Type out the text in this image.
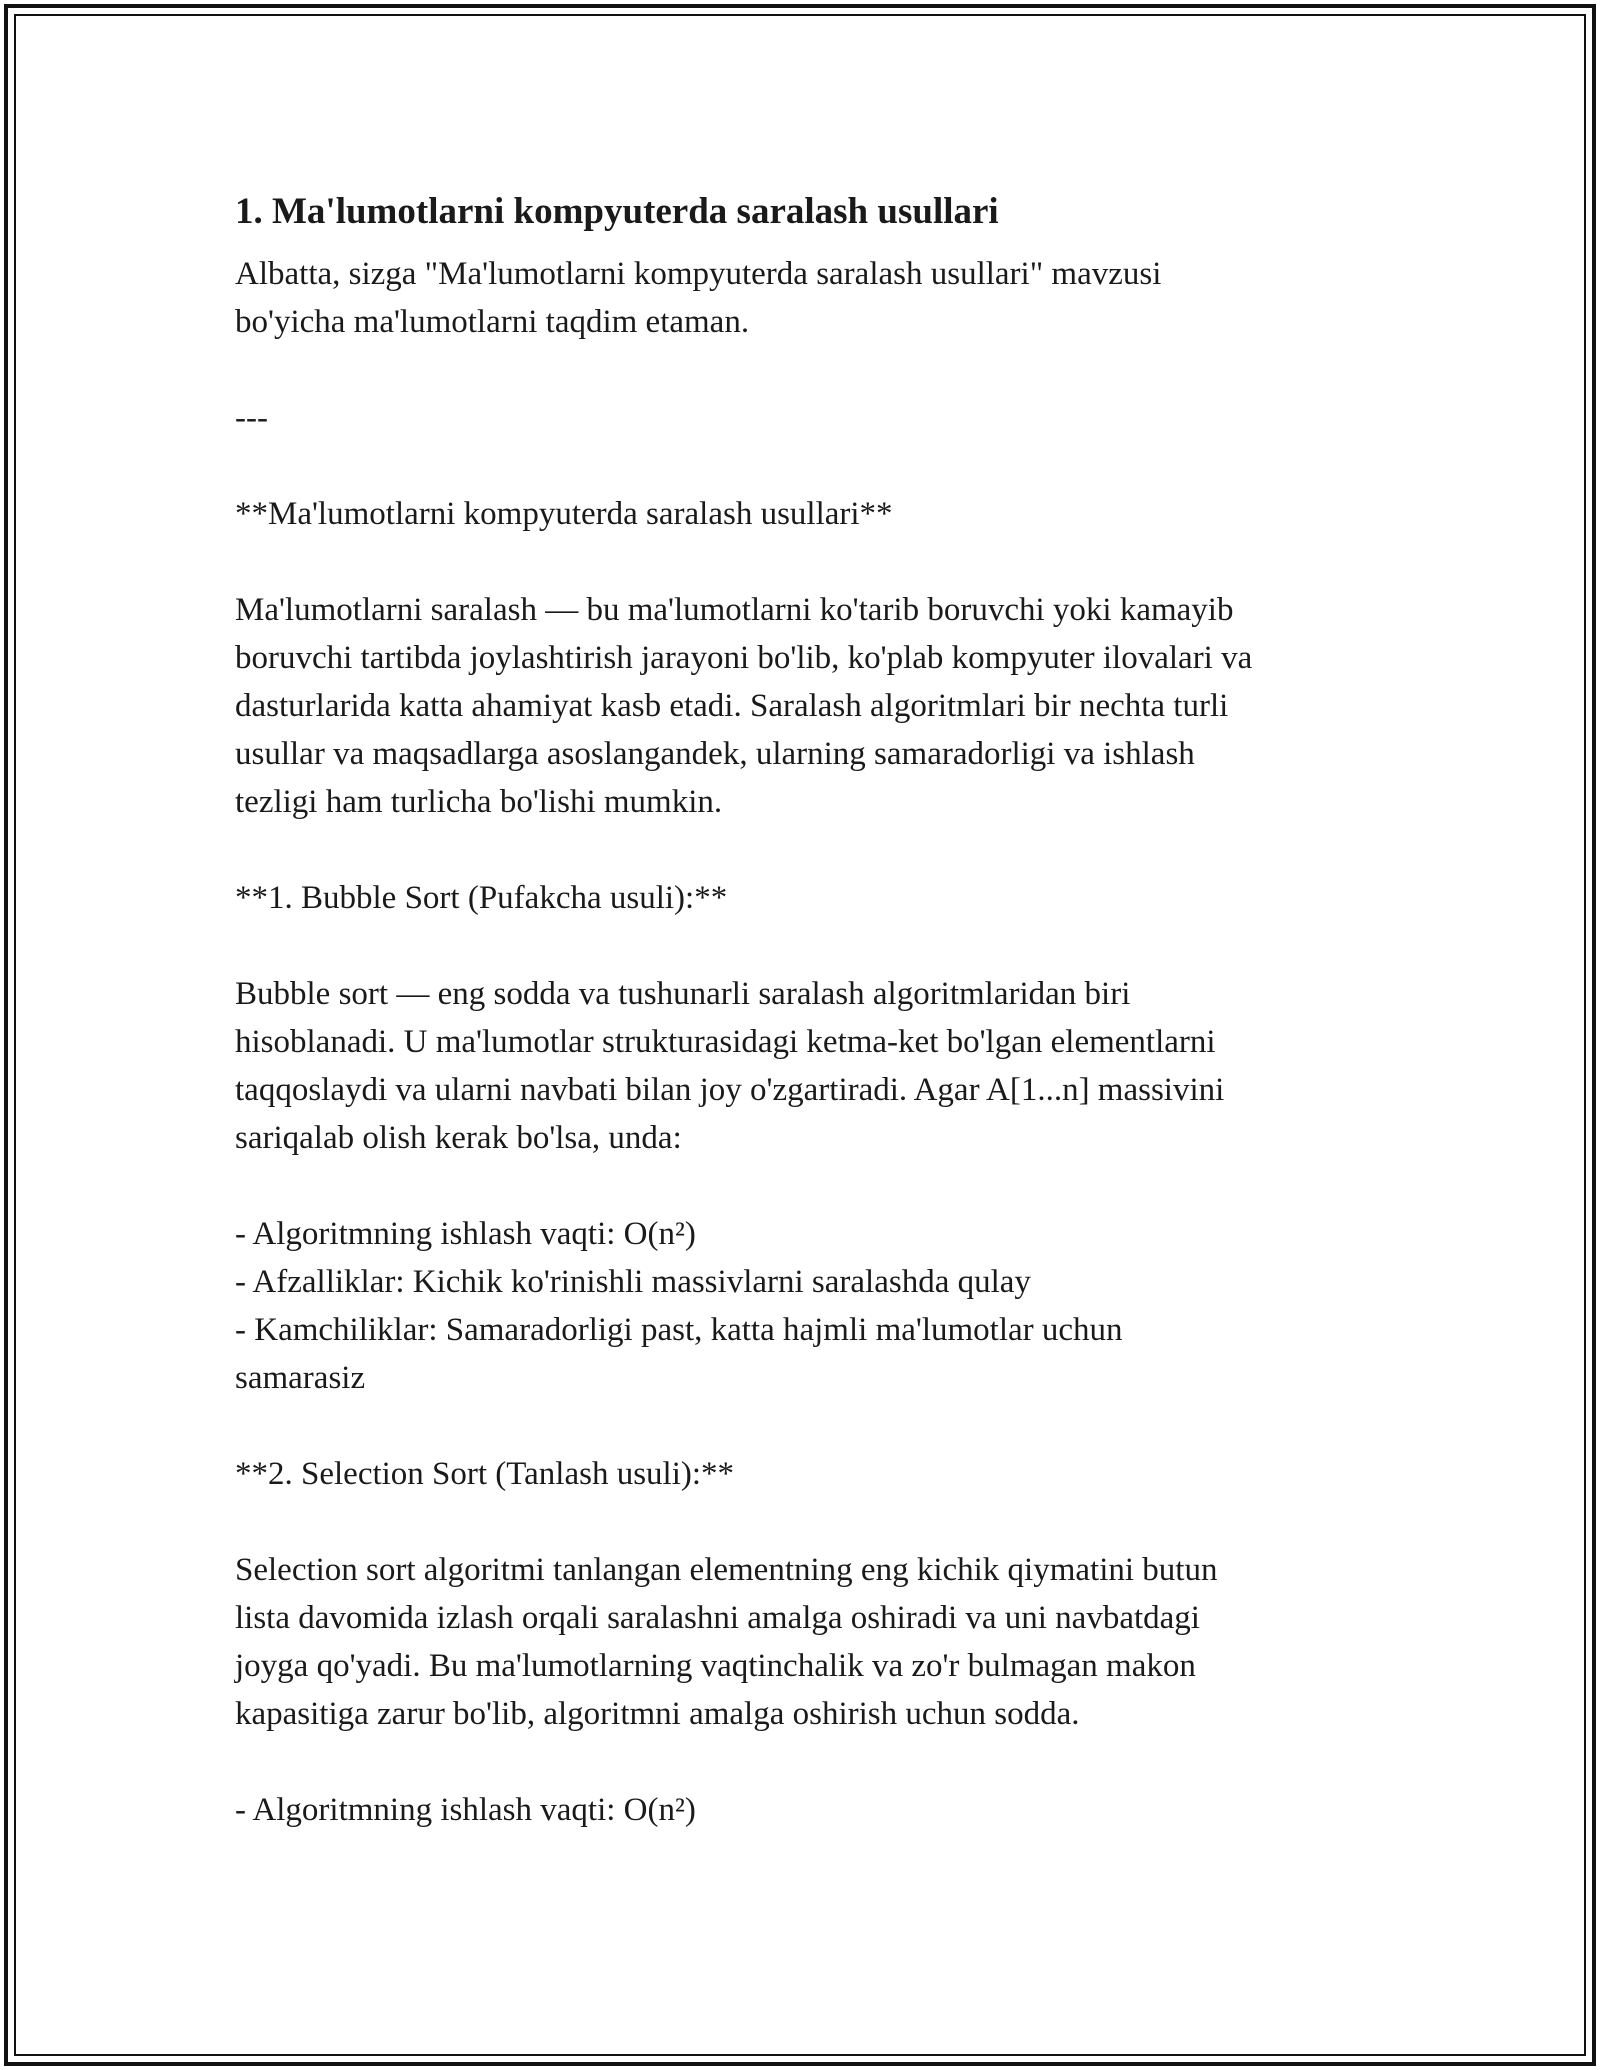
1. Ma'lumotlarni kompyuterda saralash usullari

Albatta, sizga "Ma'lumotlarni kompyuterda saralash usullari" mavzusi

bo'yicha ma'lumotlarni taqdim etaman.

---

**Ma'lumotlarni kompyuterda saralash usullari**

Ma'lumotlarni saralash — bu ma'lumotlarni ko'tarib boruvchi yoki kamayib

boruvchi tartibda joylashtirish jarayoni bo'lib, ko'plab kompyuter ilovalari va

dasturlarida katta ahamiyat kasb etadi. Saralash algoritmlari bir nechta turli

usullar va maqsadlarga asoslangandek, ularning samaradorligi va ishlash

tezligi ham turlicha bo'lishi mumkin.

**1. Bubble Sort (Pufakcha usuli):**

Bubble sort — eng sodda va tushunarli saralash algoritmlaridan biri

hisoblanadi. U ma'lumotlar strukturasidagi ketma-ket bo'lgan elementlarni

taqqoslaydi va ularni navbati bilan joy o'zgartiradi. Agar A[1...n] massivini

sariqalab olish kerak bo'lsa, unda:

- Algoritmning ishlash vaqti: O(n²)

- Afzalliklar: Kichik ko'rinishli massivlarni saralashda qulay

- Kamchiliklar: Samaradorligi past, katta hajmli ma'lumotlar uchun

samarasiz

**2. Selection Sort (Tanlash usuli):**

Selection sort algoritmi tanlangan elementning eng kichik qiymatini butun

lista davomida izlash orqali saralashni amalga oshiradi va uni navbatdagi

joyga qo'yadi. Bu ma'lumotlarning vaqtinchalik va zo'r bulmagan makon

kapasitiga zarur bo'lib, algoritmni amalga oshirish uchun sodda.

- Algoritmning ishlash vaqti: O(n²)
